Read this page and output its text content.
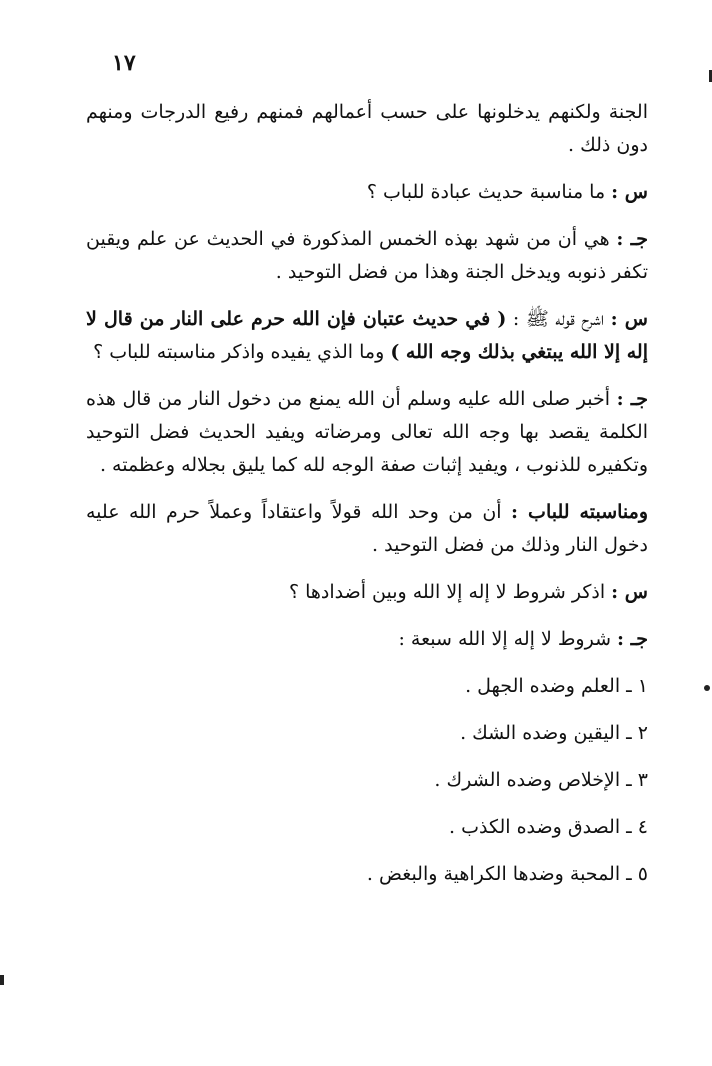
١٧

الجنة ولكنهم يدخلونها على حسب أعمالهم فمنهم رفيع الدرجات ومنهم دون ذلك .

س : ما مناسبة حديث عبادة للباب ؟

جـ : هي أن من شهد بهذه الخمس المذكورة في الحديث عن علم ويقين تكفر ذنوبه ويدخل الجنة وهذا من فضل التوحيد .

س : اشرح قوله ﷺ : ( في حديث عتبان فإن الله حرم على النار من قال لا إله إلا الله يبتغي بذلك وجه الله ) وما الذي يفيده واذكر مناسبته للباب ؟

جـ : أخبر صلى الله عليه وسلم أن الله يمنع من دخول النار من قال هذه الكلمة يقصد بها وجه الله تعالى ومرضاته ويفيد الحديث فضل التوحيد وتكفيره للذنوب ، ويفيد إثبات صفة الوجه لله كما يليق بجلاله وعظمته .

ومناسبته للباب : أن من وحد الله قولاً واعتقاداً وعملاً حرم الله عليه دخول النار وذلك من فضل التوحيد .

س : اذكر شروط لا إله إلا الله وبين أضدادها ؟

جـ : شروط لا إله إلا الله سبعة :

١ ـ العلم وضده الجهل .
٢ ـ اليقين وضده الشك .
٣ ـ الإخلاص وضده الشرك .
٤ ـ الصدق وضده الكذب .
٥ ـ المحبة وضدها الكراهية والبغض .
